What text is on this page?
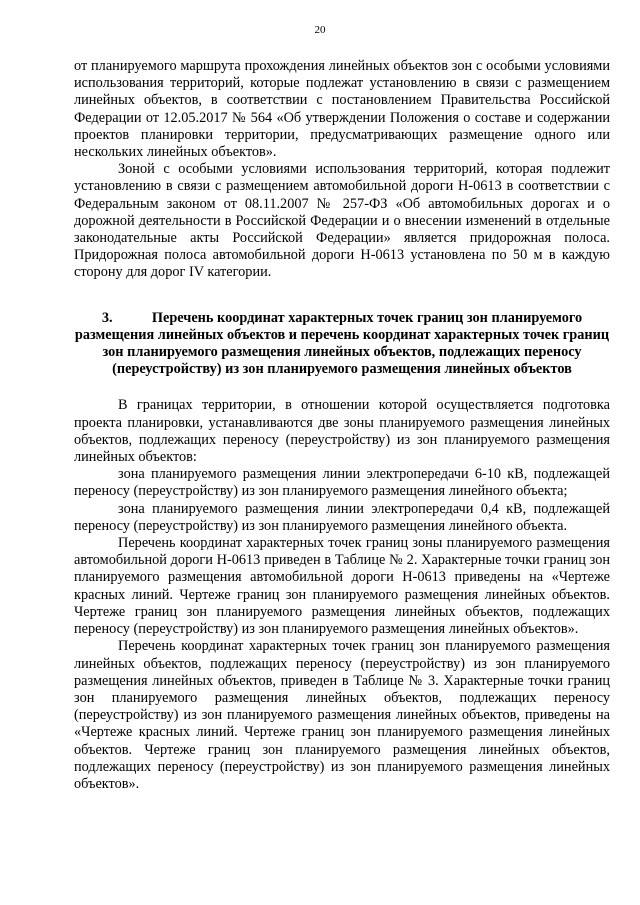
20

от планируемого маршрута прохождения линейных объектов зон с особыми условиями использования территорий, которые подлежат установлению в связи с размещением линейных объектов, в соответствии с постановлением Правительства Российской Федерации от 12.05.2017 № 564 «Об утверждении Положения о составе и содержании проектов планировки территории, предусматривающих размещение одного или нескольких линейных объектов».

Зоной с особыми условиями использования территорий, которая подлежит установлению в связи с размещением автомобильной дороги Н-0613 в соответствии с Федеральным законом от 08.11.2007 № 257-ФЗ «Об автомобильных дорогах и о дорожной деятельности в Российской Федерации и о внесении изменений в отдельные законодательные акты Российской Федерации» является придорожная полоса. Придорожная полоса автомобильной дороги Н-0613 установлена по 50 м в каждую сторону для дорог IV категории.

3.	Перечень координат характерных точек границ зон планируемого размещения линейных объектов и перечень координат характерных точек границ зон планируемого размещения линейных объектов, подлежащих переносу (переустройству) из зон планируемого размещения линейных объектов

В границах территории, в отношении которой осуществляется подготовка проекта планировки, устанавливаются две зоны планируемого размещения линейных объектов, подлежащих переносу (переустройству) из зон планируемого размещения линейных объектов:

зона планируемого размещения линии электропередачи 6-10 кВ, подлежащей переносу (переустройству) из зон планируемого размещения линейного объекта;

зона планируемого размещения линии электропередачи 0,4 кВ, подлежащей переносу (переустройству) из зон планируемого размещения линейного объекта.

Перечень координат характерных точек границ зоны планируемого размещения автомобильной дороги Н-0613 приведен в Таблице № 2. Характерные точки границ зон планируемого размещения автомобильной дороги Н-0613 приведены на «Чертеже красных линий. Чертеже границ зон планируемого размещения линейных объектов. Чертеже границ зон планируемого размещения линейных объектов, подлежащих переносу (переустройству) из зон планируемого размещения линейных объектов».

Перечень координат характерных точек границ зон планируемого размещения линейных объектов, подлежащих переносу (переустройству) из зон планируемого размещения линейных объектов, приведен в Таблице № 3. Характерные точки границ зон планируемого размещения линейных объектов, подлежащих переносу (переустройству) из зон планируемого размещения линейных объектов, приведены на «Чертеже красных линий. Чертеже границ зон планируемого размещения линейных объектов. Чертеже границ зон планируемого размещения линейных объектов, подлежащих переносу (переустройству) из зон планируемого размещения линейных объектов».
